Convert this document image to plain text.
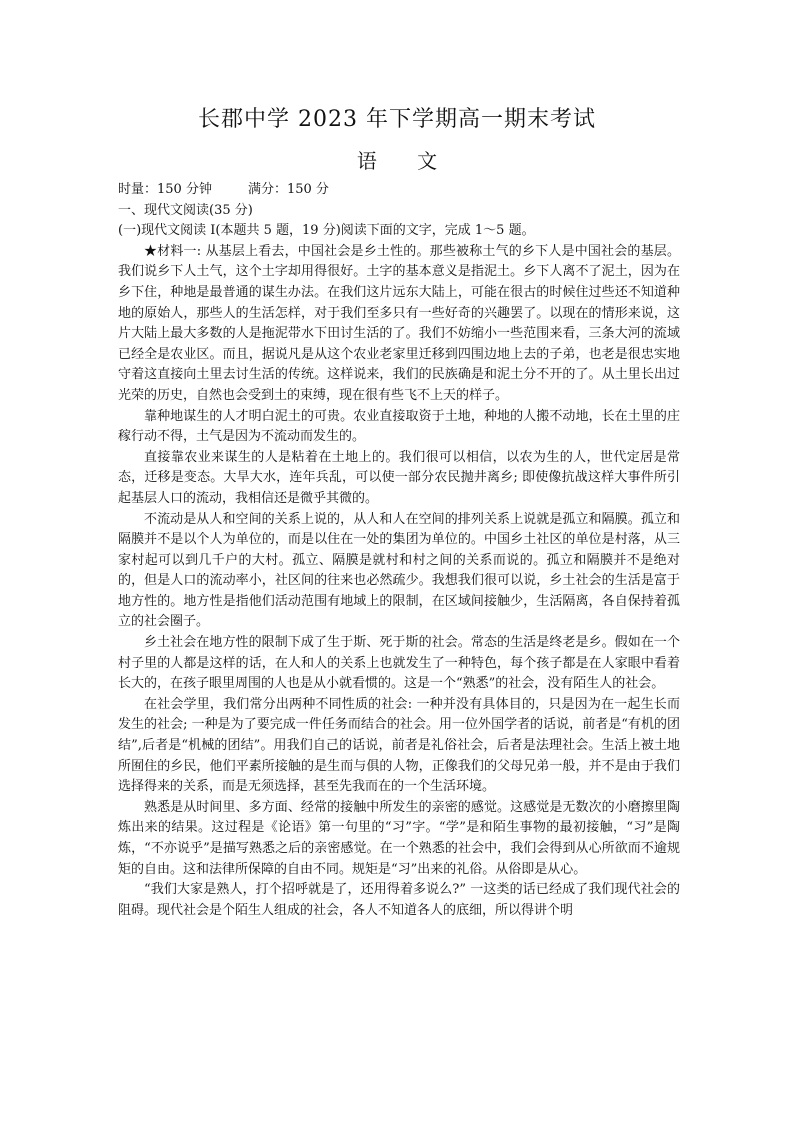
长郡中学 2023 年下学期高一期末考试
语 文

时量：150 分钟	满分：150 分

一、现代文阅读(35 分)

(一)现代文阅读 I(本题共 5 题，19 分)阅读下面的文字，完成 1～5 题。

★材料一: 从基层上看去，中国社会是乡土性的。那些被称土气的乡下人是中国社会的基层。我们说乡下人土气，这个土字却用得很好。土字的基本意义是指泥土。乡下人离不了泥土，因为在乡下住，种地是最普通的谋生办法。在我们这片远东大陆上，可能在很古的时候住过些还不知道种地的原始人，那些人的生活怎样，对于我们至多只有一些好奇的兴趣罢了。以现在的情形来说，这片大陆上最大多数的人是拖泥带水下田讨生活的了。我们不妨缩小一些范围来看，三条大河的流域已经全是农业区。而且，据说凡是从这个农业老家里迁移到四围边地上去的子弟，也老是很忠实地守着这直接向土里去讨生活的传统。这样说来，我们的民族确是和泥土分不开的了。从土里长出过光荣的历史，自然也会受到土的束缚，现在很有些飞不上天的样子。

靠种地谋生的人才明白泥土的可贵。农业直接取资于土地，种地的人搬不动地，长在土里的庄稼行动不得，土气是因为不流动而发生的。

直接靠农业来谋生的人是粘着在土地上的。我们很可以相信，以农为生的人，世代定居是常态，迁移是变态。大旱大水，连年兵乱，可以使一部分农民抛井离乡; 即使像抗战这样大事件所引起基层人口的流动，我相信还是微乎其微的。

不流动是从人和空间的关系上说的，从人和人在空间的排列关系上说就是孤立和隔膜。孤立和隔膜并不是以个人为单位的，而是以住在一处的集团为单位的。中国乡土社区的单位是村落，从三家村起可以到几千户的大村。孤立、隔膜是就村和村之间的关系而说的。孤立和隔膜并不是绝对的，但是人口的流动率小，社区间的往来也必然疏少。我想我们很可以说，乡土社会的生活是富于地方性的。地方性是指他们活动范围有地域上的限制，在区域间接触少，生活隔离，各自保持着孤立的社会圈子。

乡土社会在地方性的限制下成了生于斯、死于斯的社会。常态的生活是终老是乡。假如在一个村子里的人都是这样的话，在人和人的关系上也就发生了一种特色，每个孩子都是在人家眼中看着长大的，在孩子眼里周围的人也是从小就看惯的。这是一个“熟悉”的社会，没有陌生人的社会。

在社会学里，我们常分出两种不同性质的社会: 一种并没有具体目的，只是因为在一起生长而发生的社会; 一种是为了要完成一件任务而结合的社会。用一位外国学者的话说，前者是“有机的团结”,后者是“机械的团结”。用我们自己的话说，前者是礼俗社会，后者是法理社会。生活上被土地所囿住的乡民，他们平素所接触的是生而与俱的人物，正像我们的父母兄弟一般，并不是由于我们选择得来的关系，而是无须选择，甚至先我而在的一个生活环境。

熟悉是从时间里、多方面、经常的接触中所发生的亲密的感觉。这感觉是无数次的小磨擦里陶炼出来的结果。这过程是《论语》第一句里的“习”字。“学”是和陌生事物的最初接触，“习”是陶炼，“不亦说乎”是描写熟悉之后的亲密感觉。在一个熟悉的社会中，我们会得到从心所欲而不逾规矩的自由。这和法律所保障的自由不同。规矩是“习”出来的礼俗。从俗即是从心。

“我们大家是熟人，打个招呼就是了，还用得着多说么?” 一这类的话已经成了我们现代社会的阻碍。现代社会是个陌生人组成的社会，各人不知道各人的底细，所以得讲个明
